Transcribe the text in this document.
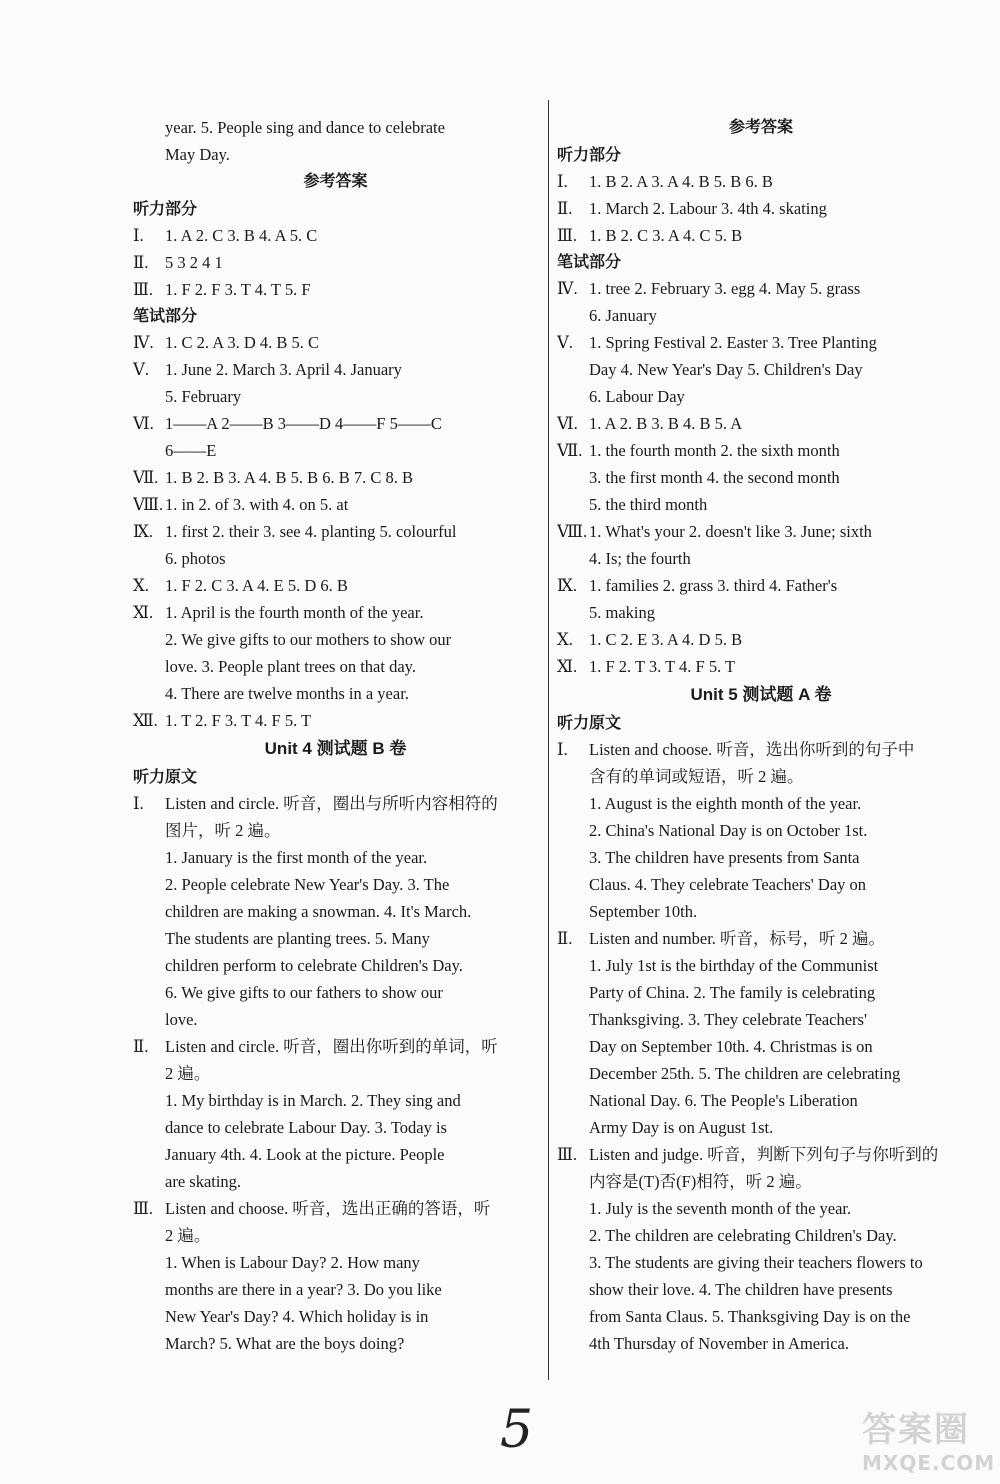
year. 5. People sing and dance to celebrate
May Day.
参考答案
听力部分
Ⅰ. 1. A 2. C 3. B 4. A 5. C
Ⅱ. 5 3 2 4 1
Ⅲ. 1. F 2. F 3. T 4. T 5. F
笔试部分
Ⅳ. 1. C 2. A 3. D 4. B 5. C
Ⅴ. 1. June 2. March 3. April 4. January
5. February
Ⅵ. 1——A 2——B 3——D 4——F 5——C
6——E
Ⅶ. 1. B 2. B 3. A 4. B 5. B 6. B 7. C 8. B
Ⅷ. 1. in 2. of 3. with 4. on 5. at
Ⅸ. 1. first 2. their 3. see 4. planting 5. colourful
6. photos
Ⅹ. 1. F 2. C 3. A 4. E 5. D 6. B
Ⅺ. 1. April is the fourth month of the year.
2. We give gifts to our mothers to show our
love. 3. People plant trees on that day.
4. There are twelve months in a year.
Ⅻ. 1. T 2. F 3. T 4. F 5. T
Unit 4 测试题 B 卷
听力原文
Ⅰ. Listen and circle. 听音，圈出与所听内容相符的
图片，听 2 遍。
1. January is the first month of the year.
2. People celebrate New Year's Day. 3. The
children are making a snowman. 4. It's March.
The students are planting trees. 5. Many
children perform to celebrate Children's Day.
6. We give gifts to our fathers to show our
love.
Ⅱ. Listen and circle. 听音，圈出你听到的单词，听
2 遍。
1. My birthday is in March. 2. They sing and
dance to celebrate Labour Day. 3. Today is
January 4th. 4. Look at the picture. People
are skating.
Ⅲ. Listen and choose. 听音，选出正确的答语，听
2 遍。
1. When is Labour Day? 2. How many
months are there in a year? 3. Do you like
New Year's Day? 4. Which holiday is in
March? 5. What are the boys doing?
参考答案
听力部分
Ⅰ. 1. B 2. A 3. A 4. B 5. B 6. B
Ⅱ. 1. March 2. Labour 3. 4th 4. skating
Ⅲ. 1. B 2. C 3. A 4. C 5. B
笔试部分
Ⅳ. 1. tree 2. February 3. egg 4. May 5. grass
6. January
Ⅴ. 1. Spring Festival 2. Easter 3. Tree Planting
Day 4. New Year's Day 5. Children's Day
6. Labour Day
Ⅵ. 1. A 2. B 3. B 4. B 5. A
Ⅶ. 1. the fourth month 2. the sixth month
3. the first month 4. the second month
5. the third month
Ⅷ. 1. What's your 2. doesn't like 3. June; sixth
4. Is; the fourth
Ⅸ. 1. families 2. grass 3. third 4. Father's
5. making
Ⅹ. 1. C 2. E 3. A 4. D 5. B
Ⅺ. 1. F 2. T 3. T 4. F 5. T
Unit 5 测试题 A 卷
听力原文
Ⅰ. Listen and choose. 听音，选出你听到的句子中
含有的单词或短语，听 2 遍。
1. August is the eighth month of the year.
2. China's National Day is on October 1st.
3. The children have presents from Santa
Claus. 4. They celebrate Teachers' Day on
September 10th.
Ⅱ. Listen and number. 听音，标号，听 2 遍。
1. July 1st is the birthday of the Communist
Party of China. 2. The family is celebrating
Thanksgiving. 3. They celebrate Teachers'
Day on September 10th. 4. Christmas is on
December 25th. 5. The children are celebrating
National Day. 6. The People's Liberation
Army Day is on August 1st.
Ⅲ. Listen and judge. 听音，判断下列句子与你听到的
内容是(T)否(F)相符，听 2 遍。
1. July is the seventh month of the year.
2. The children are celebrating Children's Day.
3. The students are giving their teachers flowers to
show their love. 4. The children have presents
from Santa Claus. 5. Thanksgiving Day is on the
4th Thursday of November in America.
5	答案圈
MXQE.COM
